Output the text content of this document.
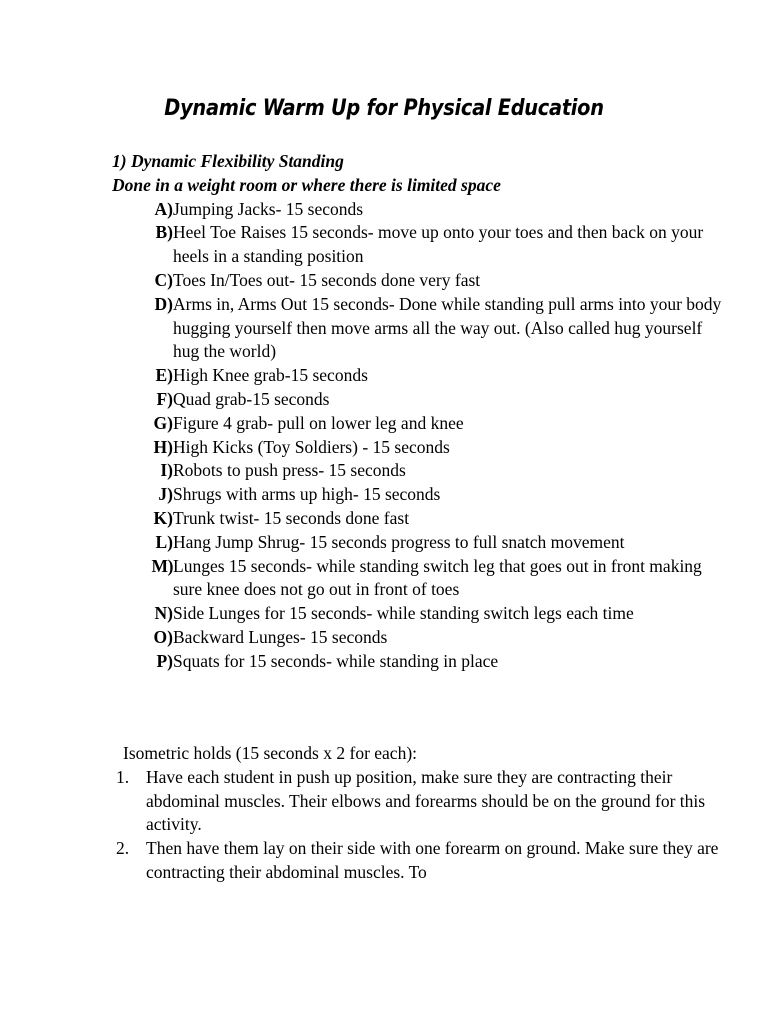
Dynamic Warm Up for Physical Education

1) Dynamic Flexibility Standing

Done in a weight room or where there is limited space

A) Jumping Jacks- 15 seconds
B) Heel Toe Raises 15 seconds- move up onto your toes and then back on your heels in a standing position
C) Toes In/Toes out- 15 seconds done very fast
D) Arms in, Arms Out 15 seconds- Done while standing pull arms into your body hugging yourself then move arms all the way out. (Also called hug yourself hug the world)
E) High Knee grab-15 seconds
F) Quad grab-15 seconds
G) Figure 4 grab- pull on lower leg and knee
H) High Kicks (Toy Soldiers) - 15 seconds
I) Robots to push press- 15 seconds
J) Shrugs with arms up high- 15 seconds
K) Trunk twist- 15 seconds done fast
L) Hang Jump Shrug- 15 seconds progress to full snatch movement
M) Lunges 15 seconds- while standing switch leg that goes out in front making sure knee does not go out in front of toes
N) Side Lunges for 15 seconds- while standing switch legs each time
O) Backward Lunges- 15 seconds
P) Squats for 15 seconds- while standing in place

Isometric holds (15 seconds x 2 for each):

1. Have each student in push up position, make sure they are contracting their abdominal muscles. Their elbows and forearms should be on the ground for this activity.
2. Then have them lay on their side with one forearm on ground. Make sure they are contracting their abdominal muscles. To
